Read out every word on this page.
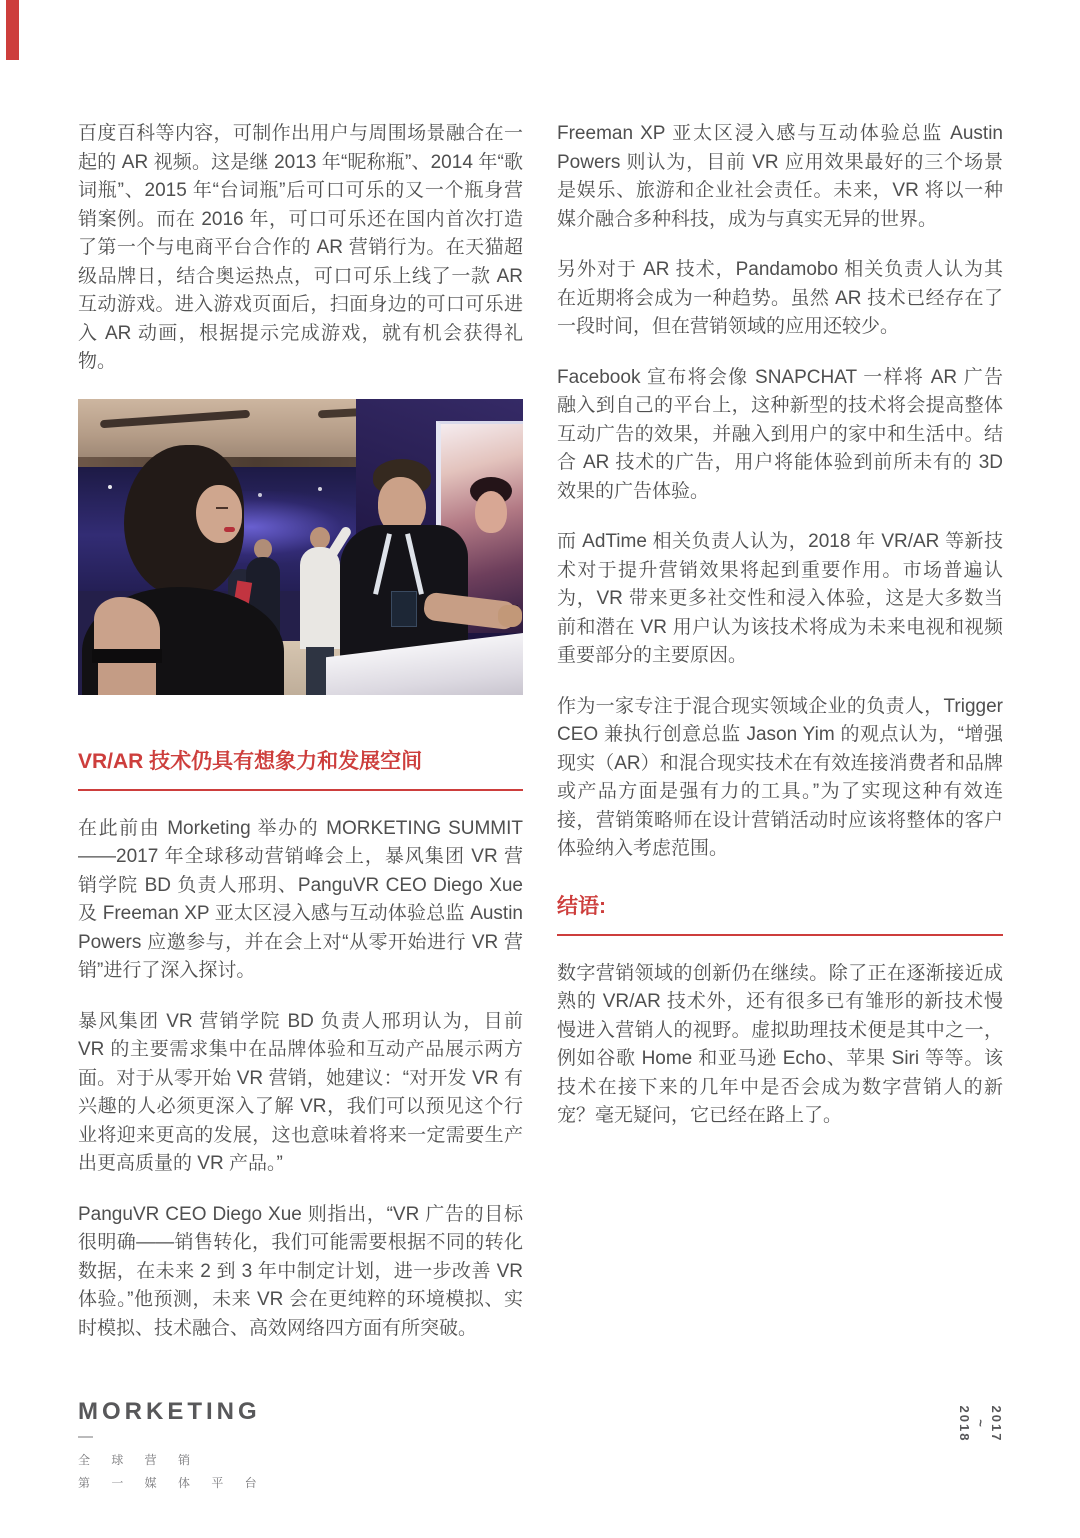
百度百科等内容，可制作出用户与周围场景融合在一起的 AR 视频。这是继 2013 年“昵称瓶”、2014 年“歌词瓶”、2015 年“台词瓶”后可口可乐的又一个瓶身营销案例。而在 2016 年，可口可乐还在国内首次打造了第一个与电商平台合作的 AR 营销行为。在天猫超级品牌日，结合奥运热点，可口可乐上线了一款 AR 互动游戏。进入游戏页面后，扫面身边的可口可乐进入 AR 动画，根据提示完成游戏，就有机会获得礼物。

VR/AR 技术仍具有想象力和发展空间

在此前由 Morketing 举办的 MORKETING SUMMIT——2017 年全球移动营销峰会上，暴风集团 VR 营销学院 BD 负责人邢玥、PanguVR CEO Diego Xue 及 Freeman XP 亚太区浸入感与互动体验总监 Austin Powers 应邀参与，并在会上对“从零开始进行 VR 营销”进行了深入探讨。

暴风集团 VR 营销学院 BD 负责人邢玥认为，目前 VR 的主要需求集中在品牌体验和互动产品展示两方面。对于从零开始 VR 营销，她建议：“对开发 VR 有兴趣的人必须更深入了解 VR，我们可以预见这个行业将迎来更高的发展，这也意味着将来一定需要生产出更高质量的 VR 产品。”

PanguVR CEO Diego Xue 则指出，“VR 广告的目标很明确——销售转化，我们可能需要根据不同的转化数据，在未来 2 到 3 年中制定计划，进一步改善 VR 体验。”他预测，未来 VR 会在更纯粹的环境模拟、实时模拟、技术融合、高效网络四方面有所突破。

Freeman XP 亚太区浸入感与互动体验总监 Austin Powers 则认为，目前 VR 应用效果最好的三个场景是娱乐、旅游和企业社会责任。未来，VR 将以一种媒介融合多种科技，成为与真实无异的世界。

另外对于 AR 技术，Pandamobo 相关负责人认为其在近期将会成为一种趋势。虽然 AR 技术已经存在了一段时间，但在营销领域的应用还较少。

Facebook 宣布将会像 SNAPCHAT 一样将 AR 广告融入到自己的平台上，这种新型的技术将会提高整体互动广告的效果，并融入到用户的家中和生活中。结合 AR 技术的广告，用户将能体验到前所未有的 3D 效果的广告体验。

而 AdTime 相关负责人认为，2018 年 VR/AR 等新技术对于提升营销效果将起到重要作用。市场普遍认为，VR 带来更多社交性和浸入体验，这是大多数当前和潜在 VR 用户认为该技术将成为未来电视和视频重要部分的主要原因。

作为一家专注于混合现实领域企业的负责人，Trigger CEO 兼执行创意总监 Jason Yim 的观点认为，“增强现实（AR）和混合现实技术在有效连接消费者和品牌或产品方面是强有力的工具。”为了实现这种有效连接，营销策略师在设计营销活动时应该将整体的客户体验纳入考虑范围。

结语:

数字营销领域的创新仍在继续。除了正在逐渐接近成熟的 VR/AR 技术外，还有很多已有雏形的新技术慢慢进入营销人的视野。虚拟助理技术便是其中之一，例如谷歌 Home 和亚马逊 Echo、苹果 Siri 等等。该技术在接下来的几年中是否会成为数字营销人的新宠？毫无疑问，它已经在路上了。

MORKETING
—
全 球 营 销
第 一 媒 体 平 台
2017
~
2018
